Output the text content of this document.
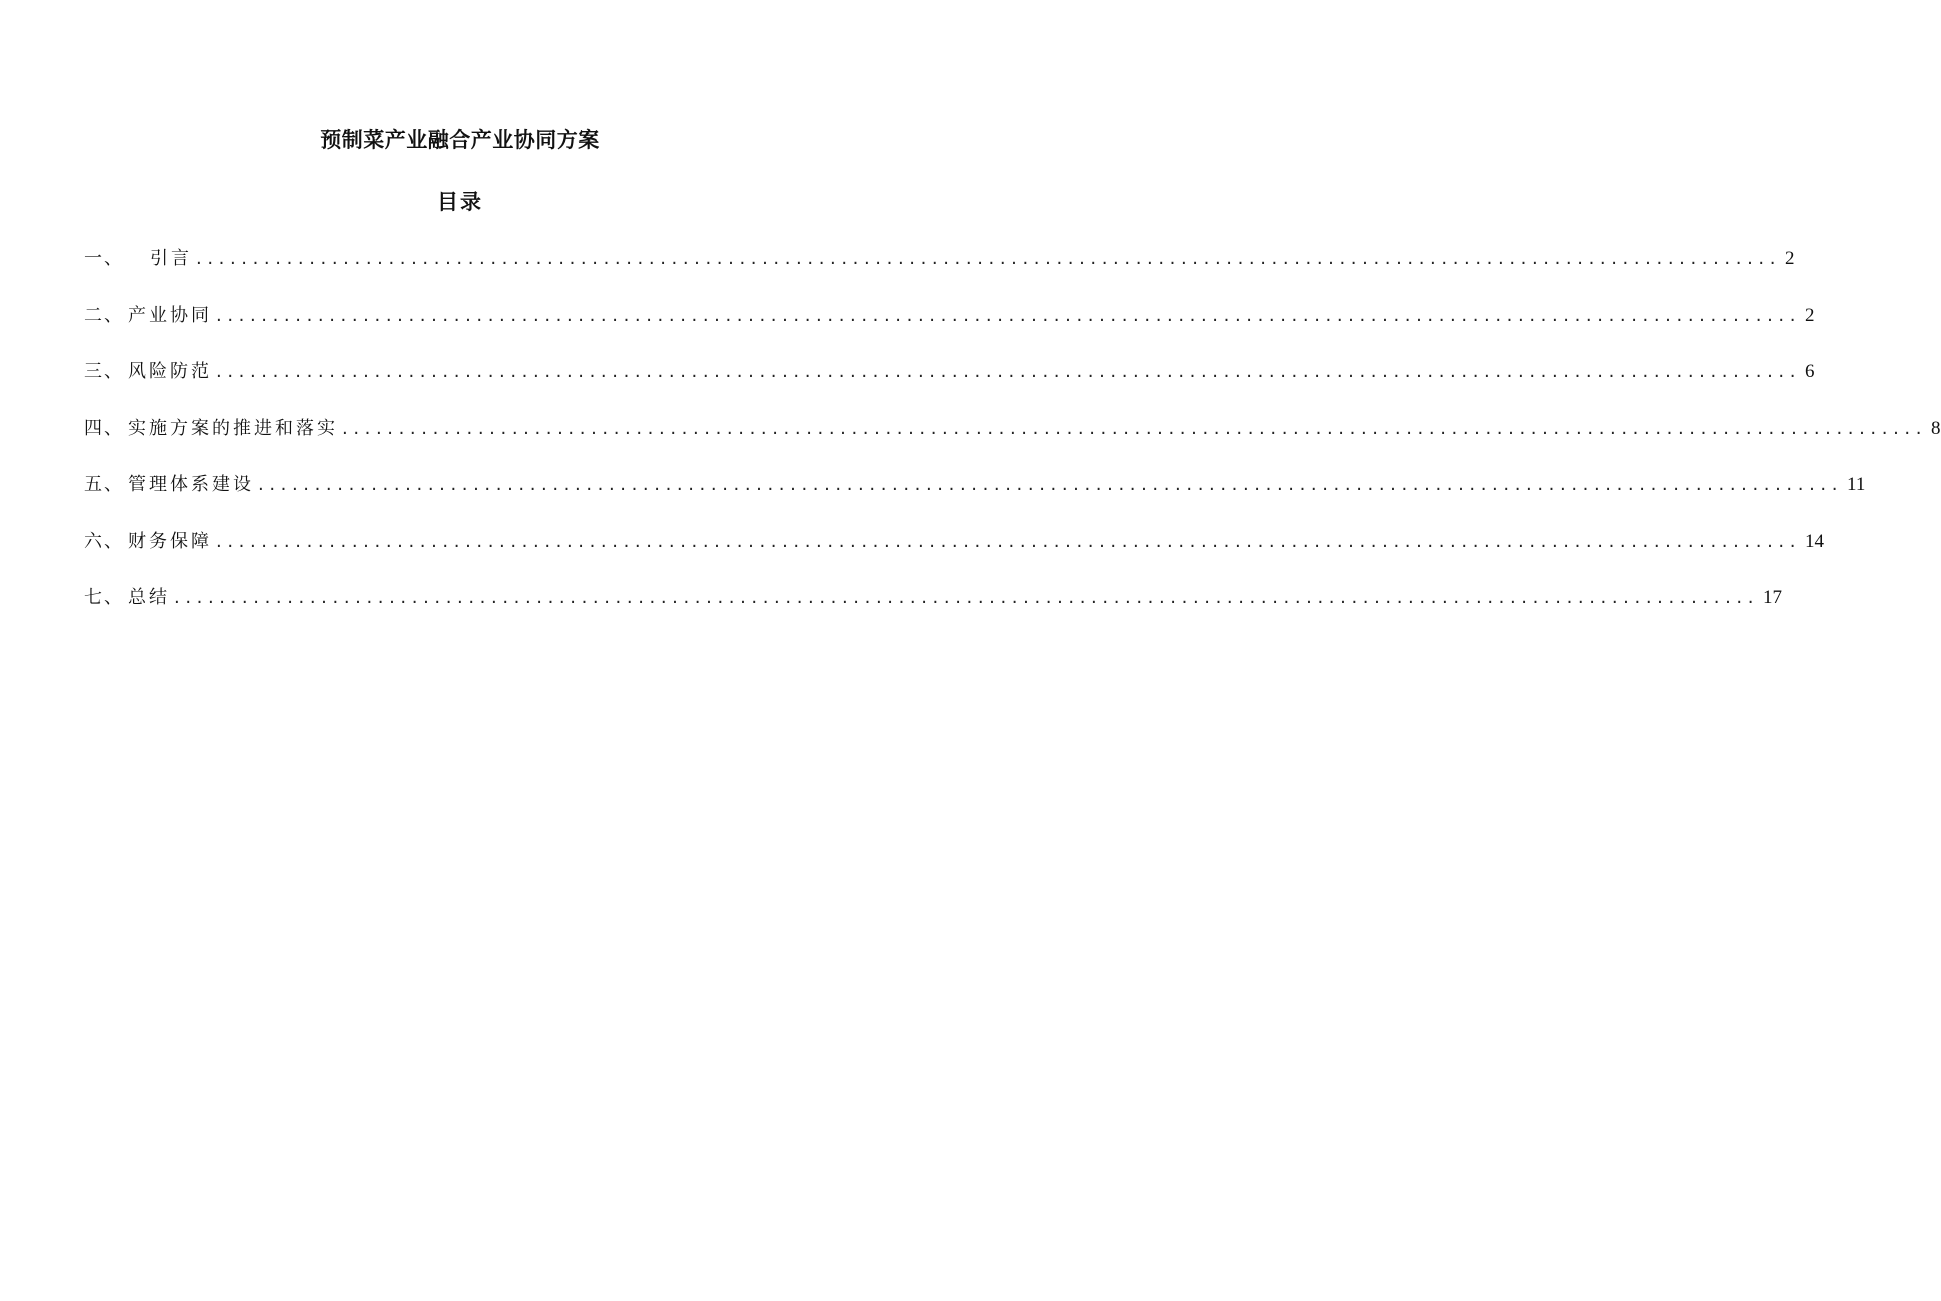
预制菜产业融合产业协同方案
目录
一、 引言 ............................................................................................................................................ 2
二、 产业协同 ............................................................................................................................................ 2
三、 风险防范 ............................................................................................................................................ 6
四、 实施方案的推进和落实 ............................................................................................................................................ 8
五、 管理体系建设 ............................................................................................................................................ 11
六、 财务保障 ............................................................................................................................................ 14
七、 总结 ............................................................................................................................................ 17
